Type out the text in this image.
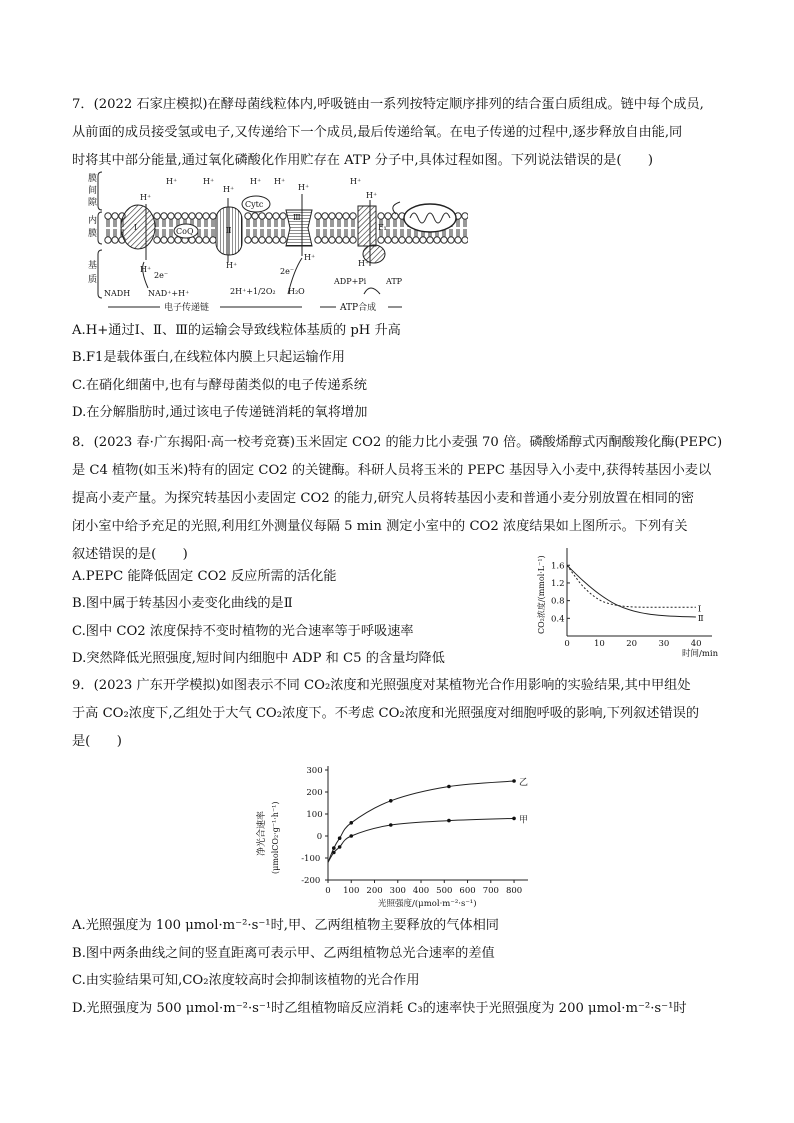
7．(2022 石家庄模拟)在酵母菌线粒体内,呼吸链由一系列按特定顺序排列的结合蛋白质组成。链中每个成员,
从前面的成员接受氢或电子,又传递给下一个成员,最后传递给氧。在电子传递的过程中,逐步释放自由能,同
时将其中部分能量,通过氧化磷酸化作用贮存在 ATP 分子中,具体过程如图。下列说法错误的是(　　)
膜
间
隙
内
膜
基
质
Ⅰ	CoQ	Ⅱ
Cytc
Ⅲ
F₁
H⁺	H⁺
H⁺
H⁺
H⁺ H⁺
H⁺
H⁺
H⁺
H⁺	H⁺
H⁺
H⁺
2e⁻	2e⁻
NADH NAD⁺+H⁺	2H⁺+1/2O₂ H₂O
ADP+Pi ATP
电子传递链	ATP合成
A.H+通过Ⅰ、Ⅱ、Ⅲ的运输会导致线粒体基质的 pH 升高
B.F1是载体蛋白,在线粒体内膜上只起运输作用
C.在硝化细菌中,也有与酵母菌类似的电子传递系统
D.在分解脂肪时,通过该电子传递链消耗的氧将增加
8．(2023 春·广东揭阳·高一校考竞赛)玉米固定 CO2 的能力比小麦强 70 倍。磷酸烯醇式丙酮酸羧化酶(PEPC)
是 C4 植物(如玉米)特有的固定 CO2 的关键酶。科研人员将玉米的 PEPC 基因导入小麦中,获得转基因小麦以
提高小麦产量。为探究转基因小麦固定 CO2 的能力,研究人员将转基因小麦和普通小麦分别放置在相同的密
闭小室中给予充足的光照,利用红外测量仪每隔 5 min 测定小室中的 CO2 浓度结果如上图所示。下列有关
叙述错误的是(　　)
A.PEPC 能降低固定 CO2 反应所需的活化能
B.图中属于转基因小麦变化曲线的是Ⅱ
C.图中 CO2 浓度保持不变时植物的光合速率等于呼吸速率
D.突然降低光照强度,短时间内细胞中 ADP 和 C5 的含量均降低
0	10	20	30	40
0.4
0.8
1.2
1.6
时间/min
CO₂浓度/(mmol·L⁻¹)	Ⅰ
Ⅱ
9．(2023 广东开学模拟)如图表示不同 CO₂浓度和光照强度对某植物光合作用影响的实验结果,其中甲组处
于高 CO₂浓度下,乙组处于大气 CO₂浓度下。不考虑 CO₂浓度和光照强度对细胞呼吸的影响,下列叙述错误的
是(　　)
-200
-100
0
100
200
300
0 100 200 300 400 500 600 700 800
光照强度/(μmol·m⁻²·s⁻¹)
净光合速率 (μmolCO₂·g⁻¹·h⁻¹)
乙
甲
A.光照强度为 100 μmol·m⁻²·s⁻¹时,甲、乙两组植物主要释放的气体相同
B.图中两条曲线之间的竖直距离可表示甲、乙两组植物总光合速率的差值
C.由实验结果可知,CO₂浓度较高时会抑制该植物的光合作用
D.光照强度为 500 μmol·m⁻²·s⁻¹时乙组植物暗反应消耗 C₃的速率快于光照强度为 200 μmol·m⁻²·s⁻¹时
